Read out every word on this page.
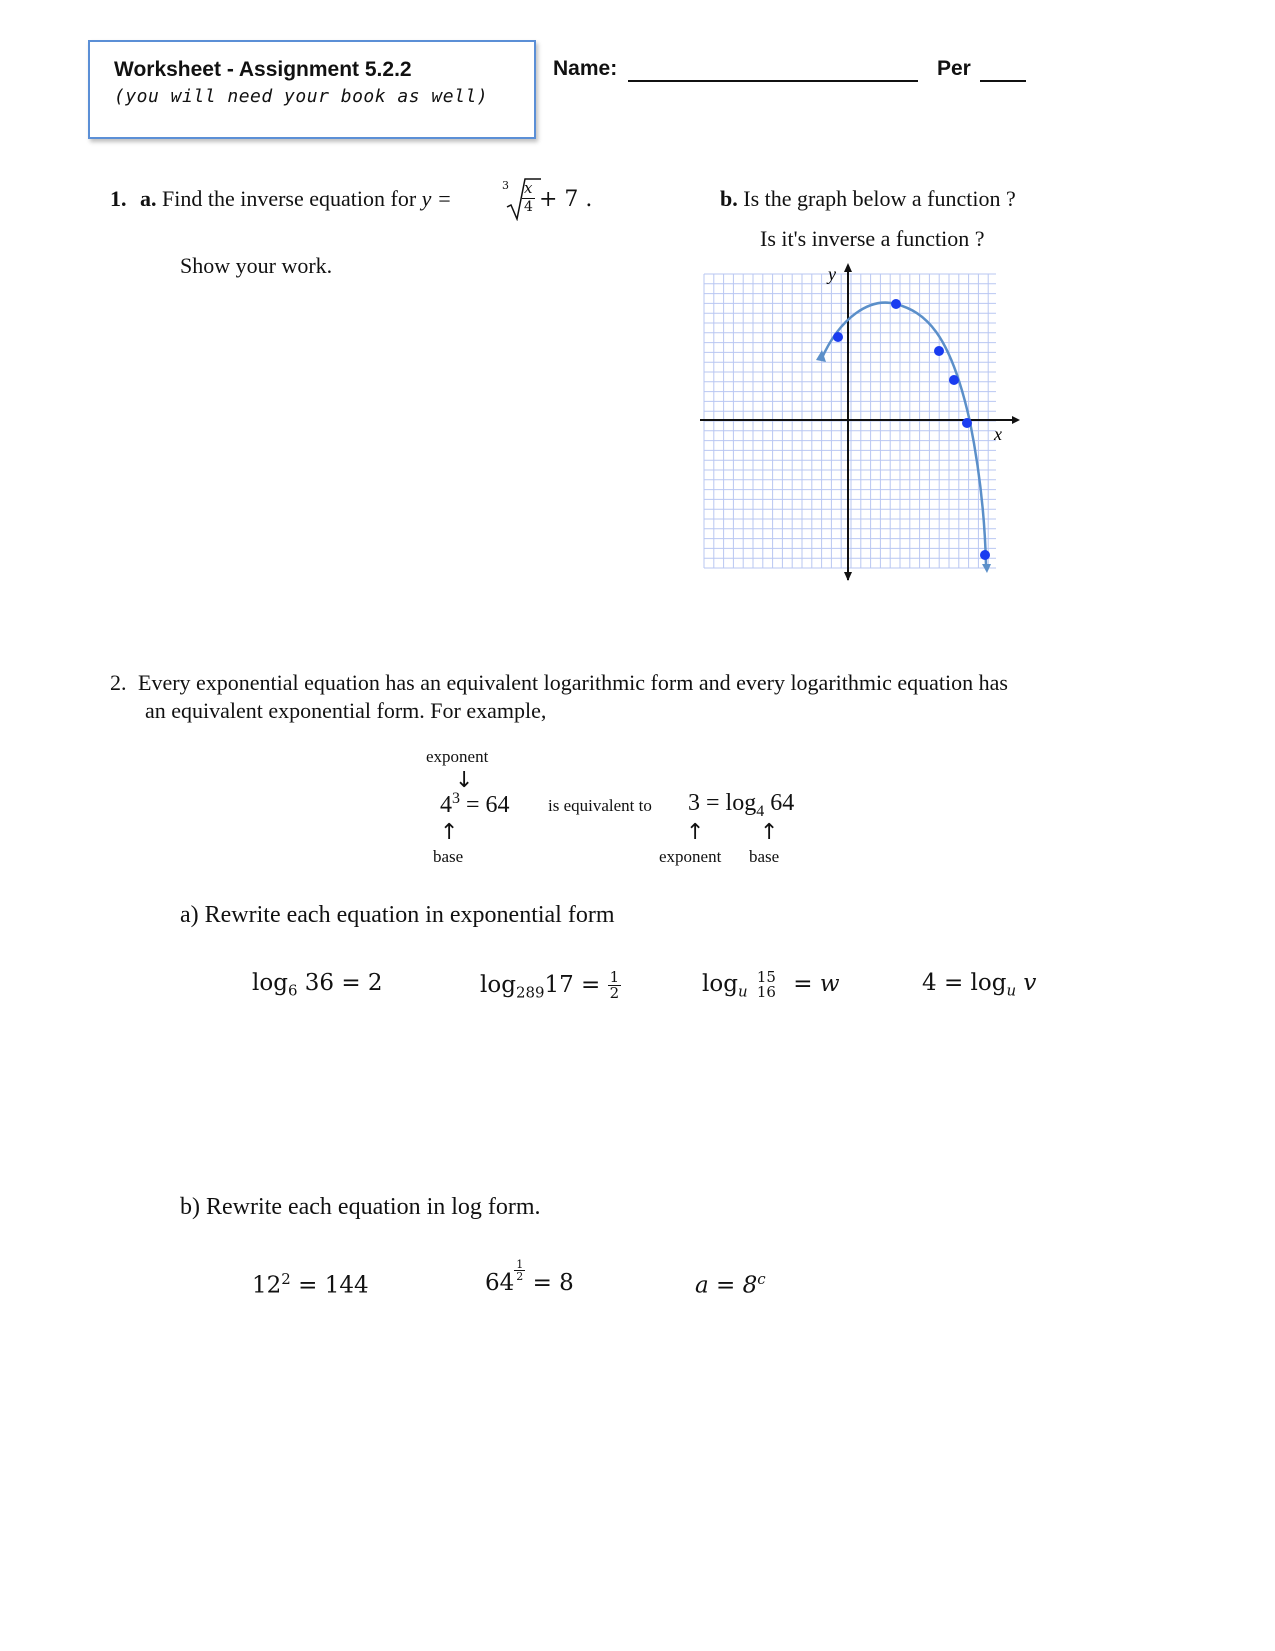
Worksheet - Assignment 5.2.2
(you will need your book as well)
Name:	Per
1. a. Find the inverse equation for y =
3 x
4 + 7 .
Show your work.
b. Is the graph below a function ?
Is it's inverse a function ?
x
y
2. Every exponential equation has an equivalent logarithmic form and every logarithmic equation has
an equivalent exponential form. For example,
exponent
↓
$4^3 = 64$ is equivalent to $3 = \log_4 64$
↑	↑	↑
base	exponent base
a) Rewrite each equation in exponential form
$\log_6 36 = 2$	$\log_{289}17 = \frac{1}{2}$	$\log_u$
15
16 = w	$4 = \log_u v$
b) Rewrite each equation in log form.
$12^2 = 144$	$64 \frac{1}{2} = 8$	$a = 8^c$
